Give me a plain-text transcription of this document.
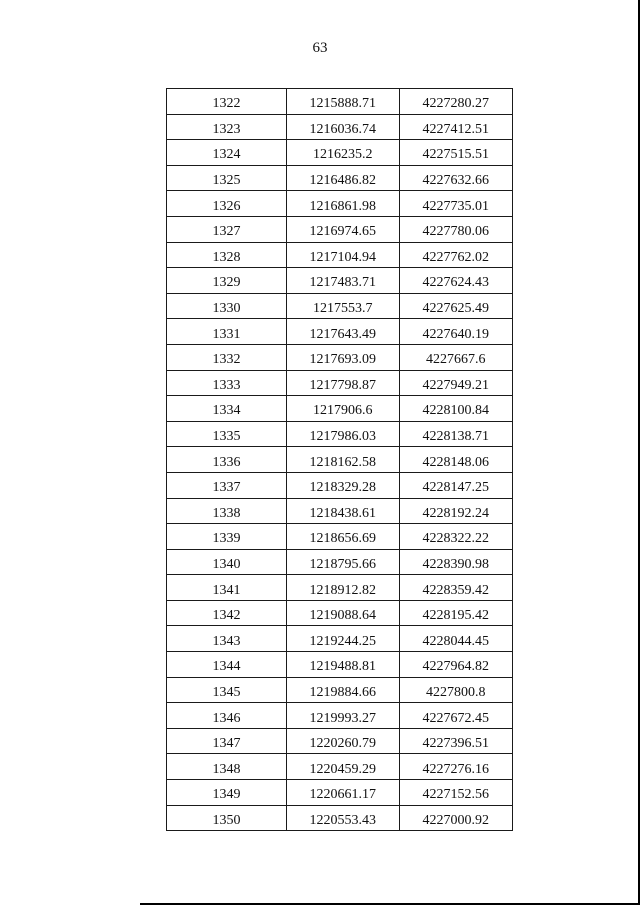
63
1322	1215888.71	4227280.27
1323	1216036.74	4227412.51
1324	1216235.2	4227515.51
1325	1216486.82	4227632.66
1326	1216861.98	4227735.01
1327	1216974.65	4227780.06
1328	1217104.94	4227762.02
1329	1217483.71	4227624.43
1330	1217553.7	4227625.49
1331	1217643.49	4227640.19
1332	1217693.09	4227667.6
1333	1217798.87	4227949.21
1334	1217906.6	4228100.84
1335	1217986.03	4228138.71
1336	1218162.58	4228148.06
1337	1218329.28	4228147.25
1338	1218438.61	4228192.24
1339	1218656.69	4228322.22
1340	1218795.66	4228390.98
1341	1218912.82	4228359.42
1342	1219088.64	4228195.42
1343	1219244.25	4228044.45
1344	1219488.81	4227964.82
1345	1219884.66	4227800.8
1346	1219993.27	4227672.45
1347	1220260.79	4227396.51
1348	1220459.29	4227276.16
1349	1220661.17	4227152.56
1350	1220553.43	4227000.92
